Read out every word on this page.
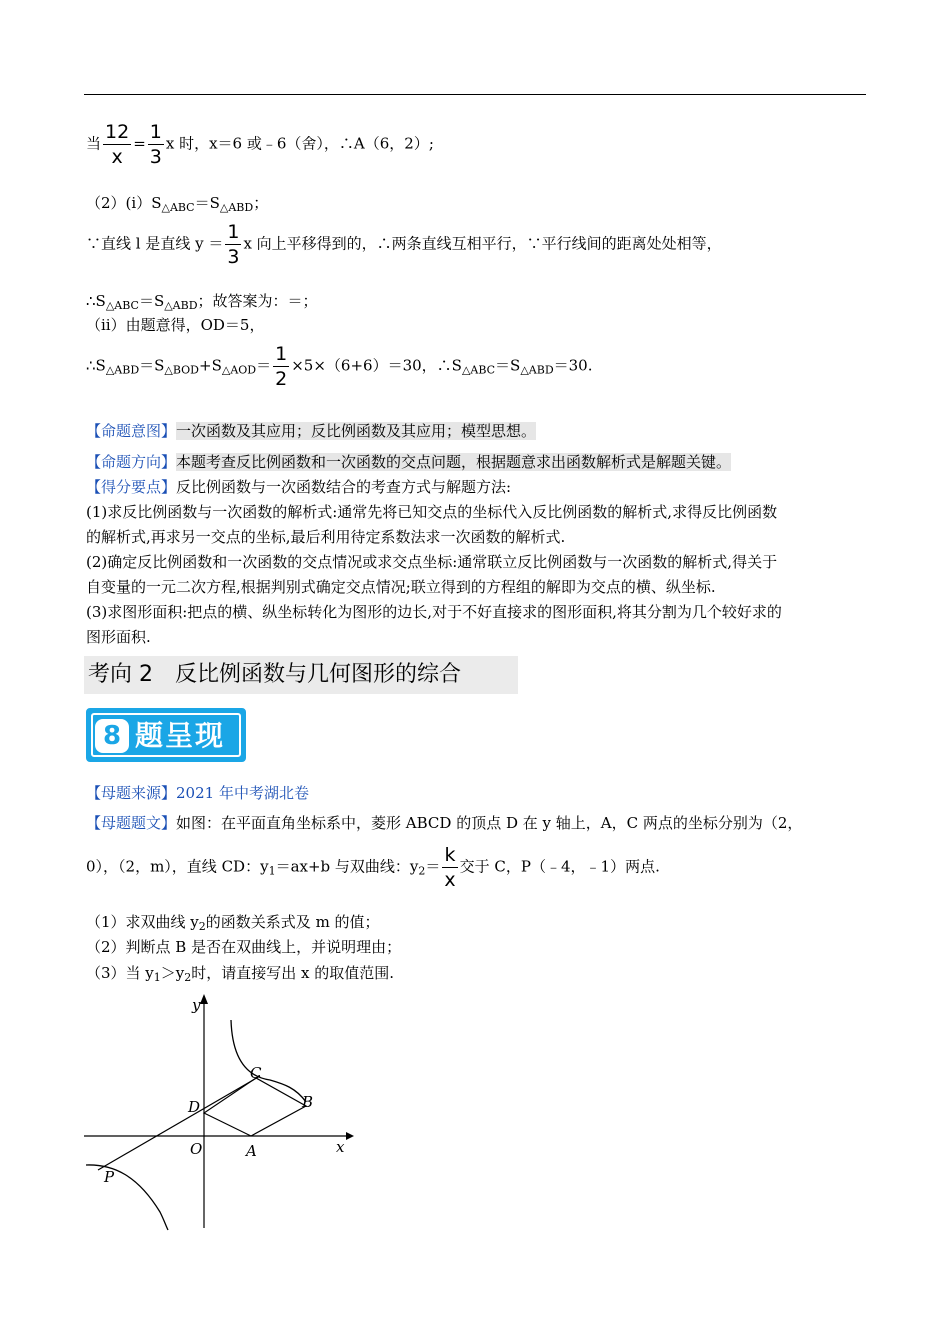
当 $\frac{12}{x} = \frac{1}{3}$ x 时，x＝6 或﹣6（舍），∴A（6，2）;
$(2)(ⅰ)S_{\triangle ABC}=S_{\triangle ABD}$；
∵直线 l 是直线 $y = \frac{1}{3}$ x 向上平移得到的，∴两条直线互相平行，∵平行线间的距离处处相等，
$\therefore S_{\triangle ABC}=S_{\triangle ABD}$；故答案为：＝；
（ⅱ）由题意得，OD＝5，
$\therefore S_{\triangle ABD}=S_{\triangle BOD}+S_{\triangle AOD}= \frac{1}{2} \times 5\times(6+6)=30$，$\therefore S_{\triangle ABC}=S_{\triangle ABD}=30$.
【命题意图】一次函数及其应用；反比例函数及其应用；模型思想。
【命题方向】本题考查反比例函数和一次函数的交点问题，根据题意求出函数解析式是解题关键。
【得分要点】反比例函数与一次函数结合的考查方式与解题方法:
(1)求反比例函数与一次函数的解析式:通常先将已知交点的坐标代入反比例函数的解析式,求得反比例函数
的解析式,再求另一交点的坐标,最后利用待定系数法求一次函数的解析式.
(2)确定反比例函数和一次函数的交点情况或求交点坐标:通常联立反比例函数与一次函数的解析式,得关于
自变量的一元二次方程,根据判别式确定交点情况;联立得到的方程组的解即为交点的横、纵坐标.
(3)求图形面积:把点的横、纵坐标转化为图形的边长,对于不好直接求的图形面积,将其分割为几个较好求的
图形面积.
考向 2　反比例函数与几何图形的综合
8 题呈现
【母题来源】2021 年中考湖北卷
【母题题文】如图：在平面直角坐标系中，菱形 ABCD 的顶点 D 在 y 轴上，A，C 两点的坐标分别为（2，
0），（2，m），直线 CD：$y_1=ax+b$ 与双曲线：$y_2= \frac{k}{x}$ 交于 C，P（﹣4，﹣1）两点.
（1）求双曲线 $y_2$的函数关系式及 m 的值；
（2）判断点 B 是否在双曲线上，并说明理由；
（3）当 $y_1>y_2$时，请直接写出 x 的取值范围.
y
x
O	A
B
C
D
P
